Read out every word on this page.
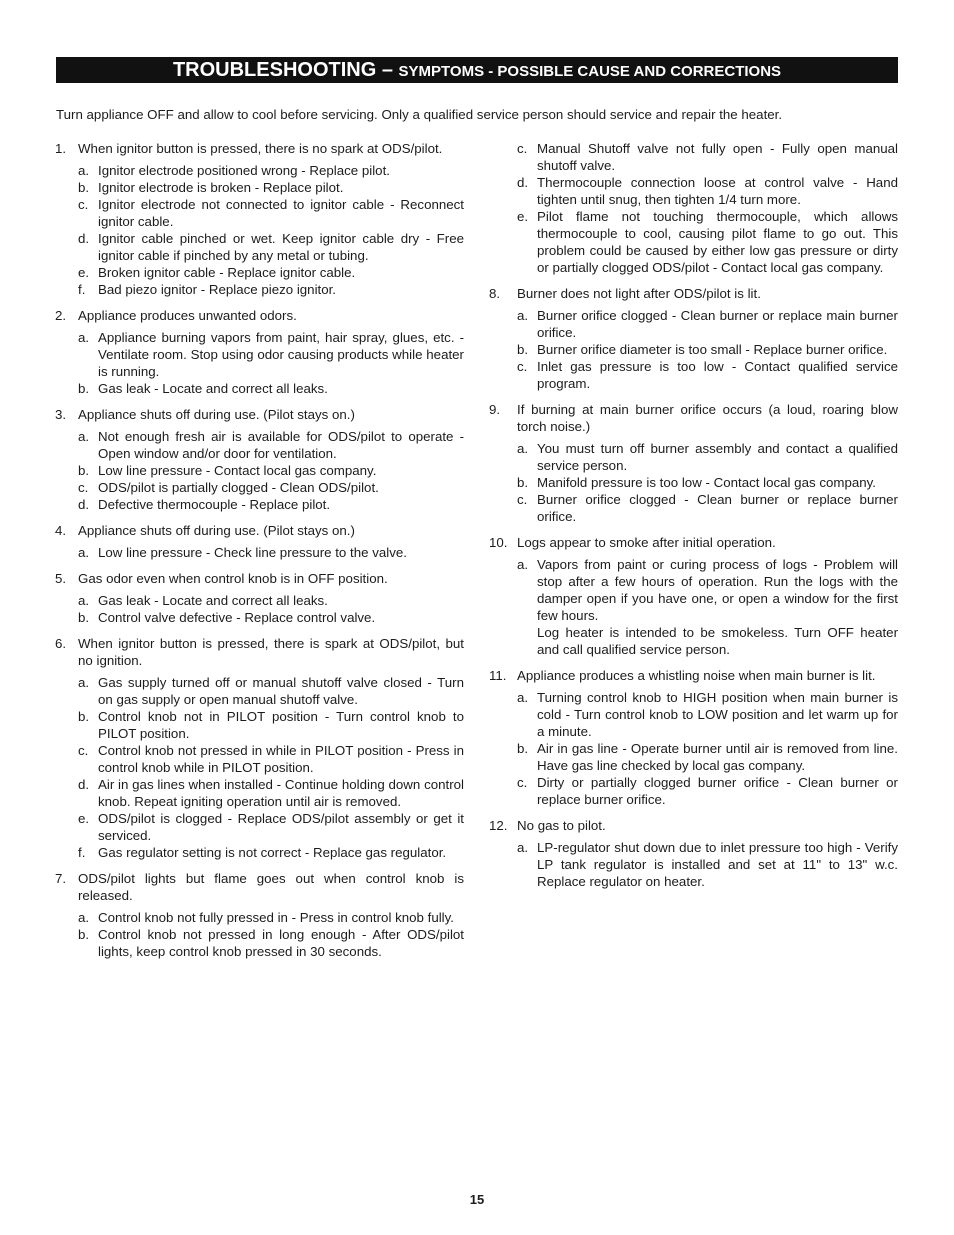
TROUBLESHOOTING – SYMPTOMS - POSSIBLE CAUSE AND CORRECTIONS
Turn appliance OFF and allow to cool before servicing. Only a qualified service person should service and repair the heater.
1. When ignitor button is pressed, there is no spark at ODS/pilot.
a. Ignitor electrode positioned wrong - Replace pilot.
b. Ignitor electrode is broken - Replace pilot.
c. Ignitor electrode not connected to ignitor cable - Reconnect ignitor cable.
d. Ignitor cable pinched or wet. Keep ignitor cable dry - Free ignitor cable if pinched by any metal or tubing.
e. Broken ignitor cable - Replace ignitor cable.
f. Bad piezo ignitor - Replace piezo ignitor.
2. Appliance produces unwanted odors.
a. Appliance burning vapors from paint, hair spray, glues, etc. - Ventilate room. Stop using odor causing products while heater is running.
b. Gas leak - Locate and correct all leaks.
3. Appliance shuts off during use. (Pilot stays on.)
a. Not enough fresh air is available for ODS/pilot to operate - Open window and/or door for ventilation.
b. Low line pressure - Contact local gas company.
c. ODS/pilot is partially clogged - Clean ODS/pilot.
d. Defective thermocouple - Replace pilot.
4. Appliance shuts off during use. (Pilot stays on.)
a. Low line pressure - Check line pressure to the valve.
5. Gas odor even when control knob is in OFF position.
a. Gas leak - Locate and correct all leaks.
b. Control valve defective - Replace control valve.
6. When ignitor button is pressed, there is spark at ODS/pilot, but no ignition.
a. Gas supply turned off or manual shutoff valve closed - Turn on gas supply or open manual shutoff valve.
b. Control knob not in PILOT position - Turn control knob to PILOT position.
c. Control knob not pressed in while in PILOT position - Press in control knob while in PILOT position.
d. Air in gas lines when installed - Continue holding down control knob. Repeat igniting operation until air is removed.
e. ODS/pilot is clogged - Replace ODS/pilot assembly or get it serviced.
f. Gas regulator setting is not correct - Replace gas regulator.
7. ODS/pilot lights but flame goes out when control knob is released.
a. Control knob not fully pressed in - Press in control knob fully.
b. Control knob not pressed in long enough - After ODS/pilot lights, keep control knob pressed in 30 seconds.
c. Manual Shutoff valve not fully open - Fully open manual shutoff valve.
d. Thermocouple connection loose at control valve - Hand tighten until snug, then tighten 1/4 turn more.
e. Pilot flame not touching thermocouple, which allows thermocouple to cool, causing pilot flame to go out. This problem could be caused by either low gas pressure or dirty or partially clogged ODS/pilot - Contact local gas company.
8.	Burner does not light after ODS/pilot is lit.
a. Burner orifice clogged - Clean burner or replace main burner orifice.
b. Burner orifice diameter is too small - Replace burner orifice.
c. Inlet gas pressure is too low - Contact qualified service program.
9.	If burning at main burner orifice occurs (a loud, roaring blow torch noise.)
a. You must turn off burner assembly and contact a qualified service person.
b. Manifold pressure is too low - Contact local gas company.
c. Burner orifice clogged - Clean burner or replace burner orifice.
10. Logs appear to smoke after initial operation.
a. Vapors from paint or curing process of logs - Problem will stop after a few hours of operation. Run the logs with the damper open if you have one, or open a window for the first few hours.
Log heater is intended to be smokeless. Turn OFF heater and call qualified service person.
11. Appliance produces a whistling noise when main burner is lit.
a. Turning control knob to HIGH position when main burner is cold - Turn control knob to LOW position and let warm up for a minute.
b. Air in gas line - Operate burner until air is removed from line. Have gas line checked by local gas company.
c. Dirty or partially clogged burner orifice - Clean burner or replace burner orifice.
12. No gas to pilot.
a. LP-regulator shut down due to inlet pressure too high - Verify LP tank regulator is installed and set at 11" to 13" w.c. Replace regulator on heater.
15
